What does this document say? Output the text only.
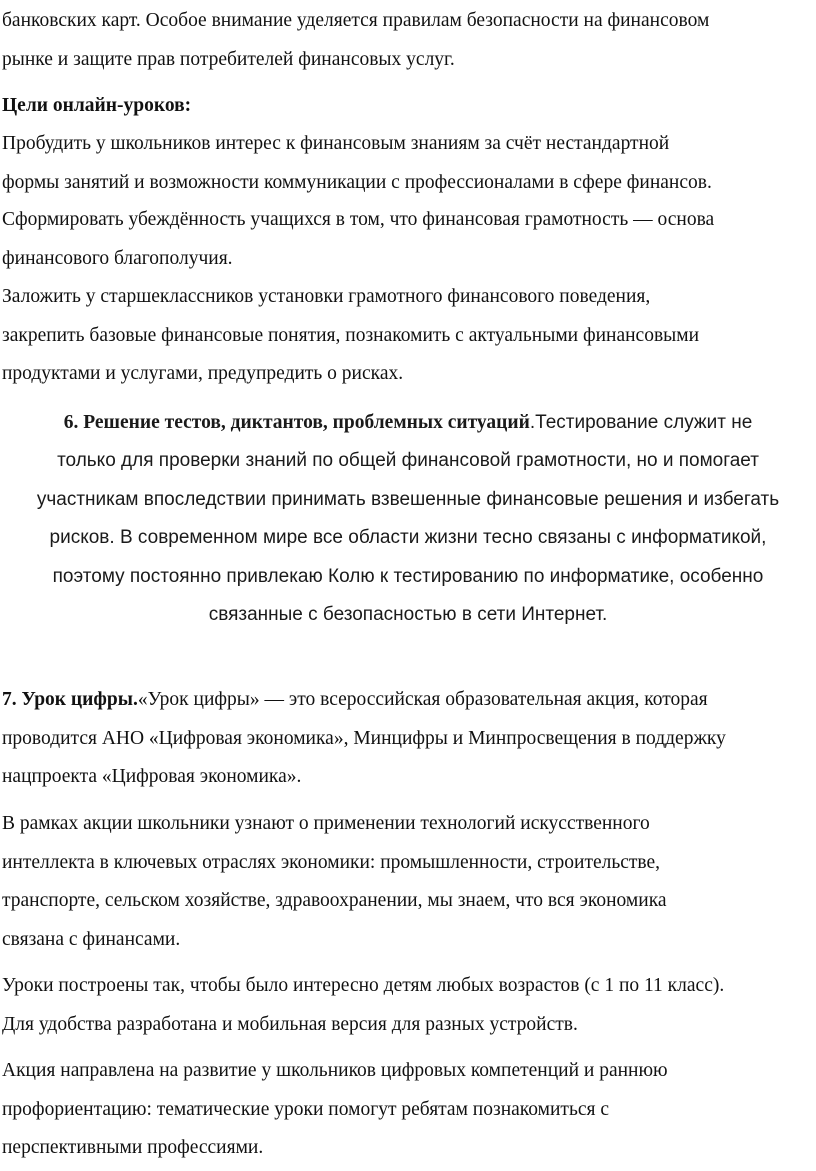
банковских карт. Особое внимание уделяется правилам безопасности на финансовом
рынке и защите прав потребителей финансовых услуг.

Цели онлайн-уроков:

Пробудить у школьников интерес к финансовым знаниям за счёт нестандартной
формы занятий и возможности коммуникации с профессионалами в сфере финансов.

Сформировать убеждённость учащихся в том, что финансовая грамотность — основа
финансового благополучия.

Заложить у старшеклассников установки грамотного финансового поведения,
закрепить базовые финансовые понятия, познакомить с актуальными финансовыми
продуктами и услугами, предупредить о рисках.

6. Решение тестов, диктантов, проблемных ситуаций.Тестирование служит не
только для проверки знаний по общей финансовой грамотности, но и помогает
участникам впоследствии принимать взвешенные финансовые решения и избегать
рисков. В современном мире все области жизни тесно связаны с информатикой,
поэтому постоянно привлекаю Колю к тестированию по информатике, особенно
связанные с безопасностью в сети Интернет.

7. Урок цифры.«Урок цифры» — это всероссийская образовательная акция, которая
проводится АНО «Цифровая экономика», Минцифры и Минпросвещения в поддержку
нацпроекта «Цифровая экономика».

В рамках акции школьники узнают о применении технологий искусственного
интеллекта в ключевых отраслях экономики: промышленности, строительстве,
транспорте, сельском хозяйстве, здравоохранении, мы знаем, что вся экономика
связана с финансами.

Уроки построены так, чтобы было интересно детям любых возрастов (с 1 по 11 класс).
Для удобства разработана и мобильная версия для разных устройств.

Акция направлена на развитие у школьников цифровых компетенций и раннюю
профориентацию: тематические уроки помогут ребятам познакомиться с
перспективными профессиями.
